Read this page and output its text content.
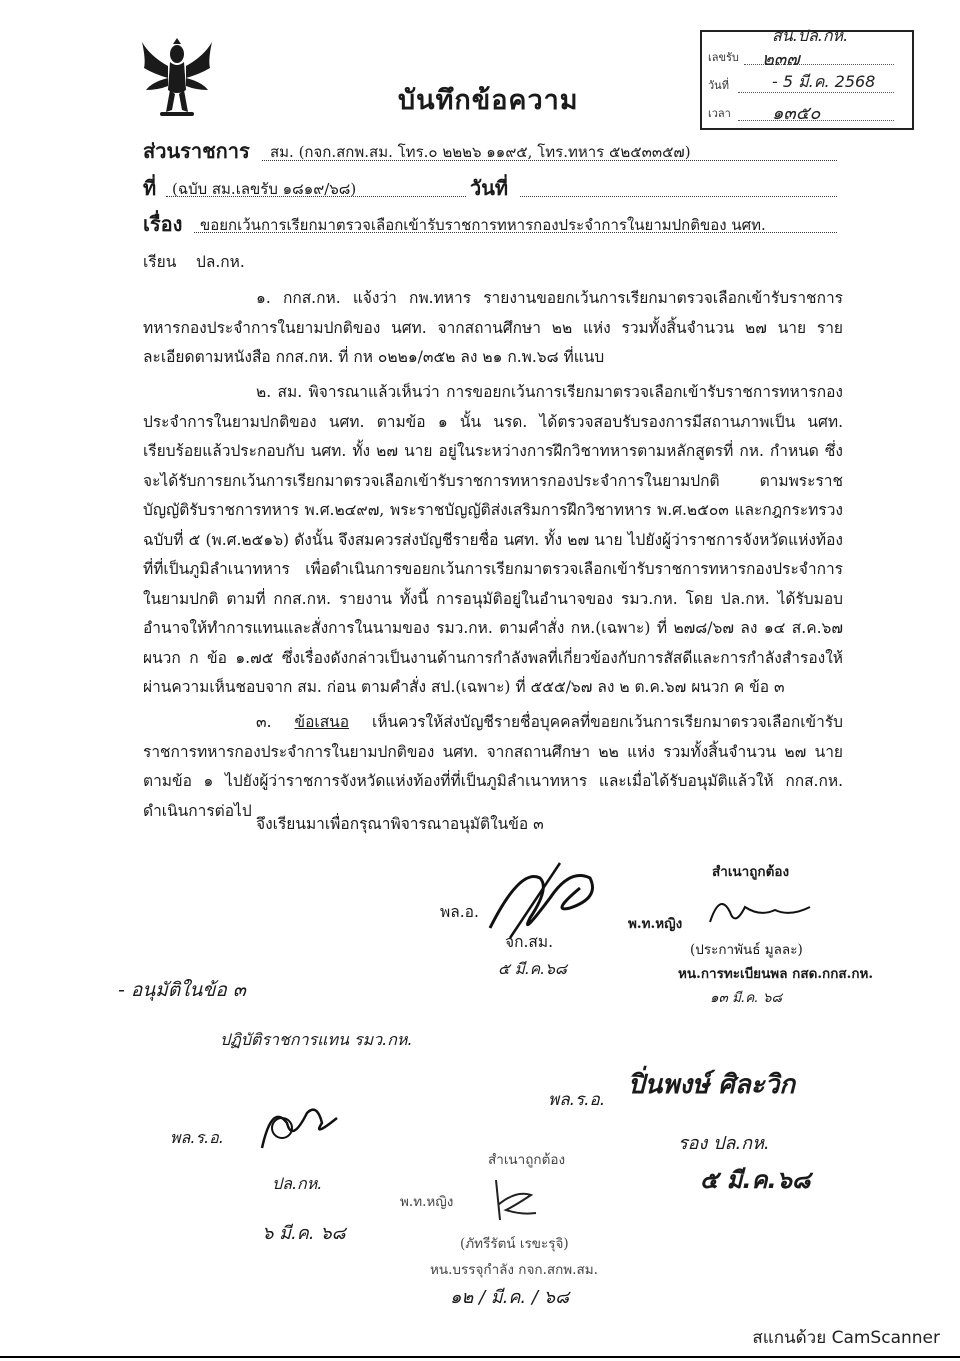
บันทึกข้อความ
สน.ปล.กห.
เลขรับ ๒๓๗
วันที่	- 5 มี.ค. 2568
เวลา ๑๓๕๐
ส่วนราชการ สม. (กจก.สกพ.สม. โทร.๐ ๒๒๒๖ ๑๑๙๕, โทร.ทหาร ๕๒๕๓๓๕๗)
ที่ (ฉบับ สม.เลขรับ ๑๘๑๙/๖๘)	วันที่
เรื่อง ขอยกเว้นการเรียกมาตรวจเลือกเข้ารับราชการทหารกองประจำการในยามปกติของ นศท.
เรียน ปล.กห.
๑. กกส.กห. แจ้งว่า กพ.ทหาร รายงานขอยกเว้นการเรียกมาตรวจเลือกเข้ารับราชการทหารกองประจำการในยามปกติของ นศท. จากสถานศึกษา ๒๒ แห่ง รวมทั้งสิ้นจำนวน ๒๗ นาย รายละเอียดตามหนังสือ กกส.กห. ที่ กห ๐๒๒๑/๓๕๒ ลง ๒๑ ก.พ.๖๘ ที่แนบ
๒. สม. พิจารณาแล้วเห็นว่า การขอยกเว้นการเรียกมาตรวจเลือกเข้ารับราชการทหารกองประจำการในยามปกติของ นศท. ตามข้อ ๑ นั้น นรด. ได้ตรวจสอบรับรองการมีสถานภาพเป็น นศท. เรียบร้อยแล้วประกอบกับ นศท. ทั้ง ๒๗ นาย อยู่ในระหว่างการฝึกวิชาทหารตามหลักสูตรที่ กห. กำหนด ซึ่งจะได้รับการยกเว้นการเรียกมาตรวจเลือกเข้ารับราชการทหารกองประจำการในยามปกติ ตามพระราชบัญญัติรับราชการทหาร พ.ศ.๒๔๙๗, พระราชบัญญัติส่งเสริมการฝึกวิชาทหาร พ.ศ.๒๕๐๓ และกฎกระทรวง ฉบับที่ ๕ (พ.ศ.๒๕๑๖) ดังนั้น จึงสมควรส่งบัญชีรายชื่อ นศท. ทั้ง ๒๗ นาย ไปยังผู้ว่าราชการจังหวัดแห่งท้องที่ที่เป็นภูมิลำเนาทหาร เพื่อดำเนินการขอยกเว้นการเรียกมาตรวจเลือกเข้ารับราชการทหารกองประจำการในยามปกติ ตามที่ กกส.กห. รายงาน ทั้งนี้ การอนุมัติอยู่ในอำนาจของ รมว.กห. โดย ปล.กห. ได้รับมอบอำนาจให้ทำการแทนและสั่งการในนามของ รมว.กห. ตามคำสั่ง กห.(เฉพาะ) ที่ ๒๗๘/๖๗ ลง ๑๔ ส.ค.๖๗ ผนวก ก ข้อ ๑.๗๕ ซึ่งเรื่องดังกล่าวเป็นงานด้านการกำลังพลที่เกี่ยวข้องกับการสัสดีและการกำลังสำรองให้ผ่านความเห็นชอบจาก สม. ก่อน ตามคำสั่ง สป.(เฉพาะ) ที่ ๕๕๕/๖๗ ลง ๒ ต.ค.๖๗ ผนวก ค ข้อ ๓
๓. ข้อเสนอ เห็นควรให้ส่งบัญชีรายชื่อบุคคลที่ขอยกเว้นการเรียกมาตรวจเลือกเข้ารับราชการทหารกองประจำการในยามปกติของ นศท. จากสถานศึกษา ๒๒ แห่ง รวมทั้งสิ้นจำนวน ๒๗ นาย ตามข้อ ๑ ไปยังผู้ว่าราชการจังหวัดแห่งท้องที่ที่เป็นภูมิลำเนาทหาร และเมื่อได้รับอนุมัติแล้วให้ กกส.กห. ดำเนินการต่อไป
จึงเรียนมาเพื่อกรุณาพิจารณาอนุมัติในข้อ ๓
พล.อ.
จก.สม.
๕ มี.ค.๖๘
สำเนาถูกต้อง
พ.ท.หญิง
(ประกาพันธ์ มูลละ)
หน.การทะเบียนพล กสด.กกส.กห.
๑๓ มี.ค. ๖๘
- อนุมัติในข้อ ๓
ปฏิบัติราชการแทน รมว.กห.
พล.ร.อ. ปิ่นพงษ์ ศิละวิก
รอง ปล.กห.
๕ มี.ค.๖๘
พล.ร.อ.
ปล.กห.
๖ มี.ค. ๖๘
สำเนาถูกต้อง
พ.ท.หญิง
(ภัทรีรัตน์ เรขะรุจิ)
หน.บรรจุกำลัง กจก.สกพ.สม.
๑๒ / มี.ค. / ๖๘
สแกนด้วย CamScanner
